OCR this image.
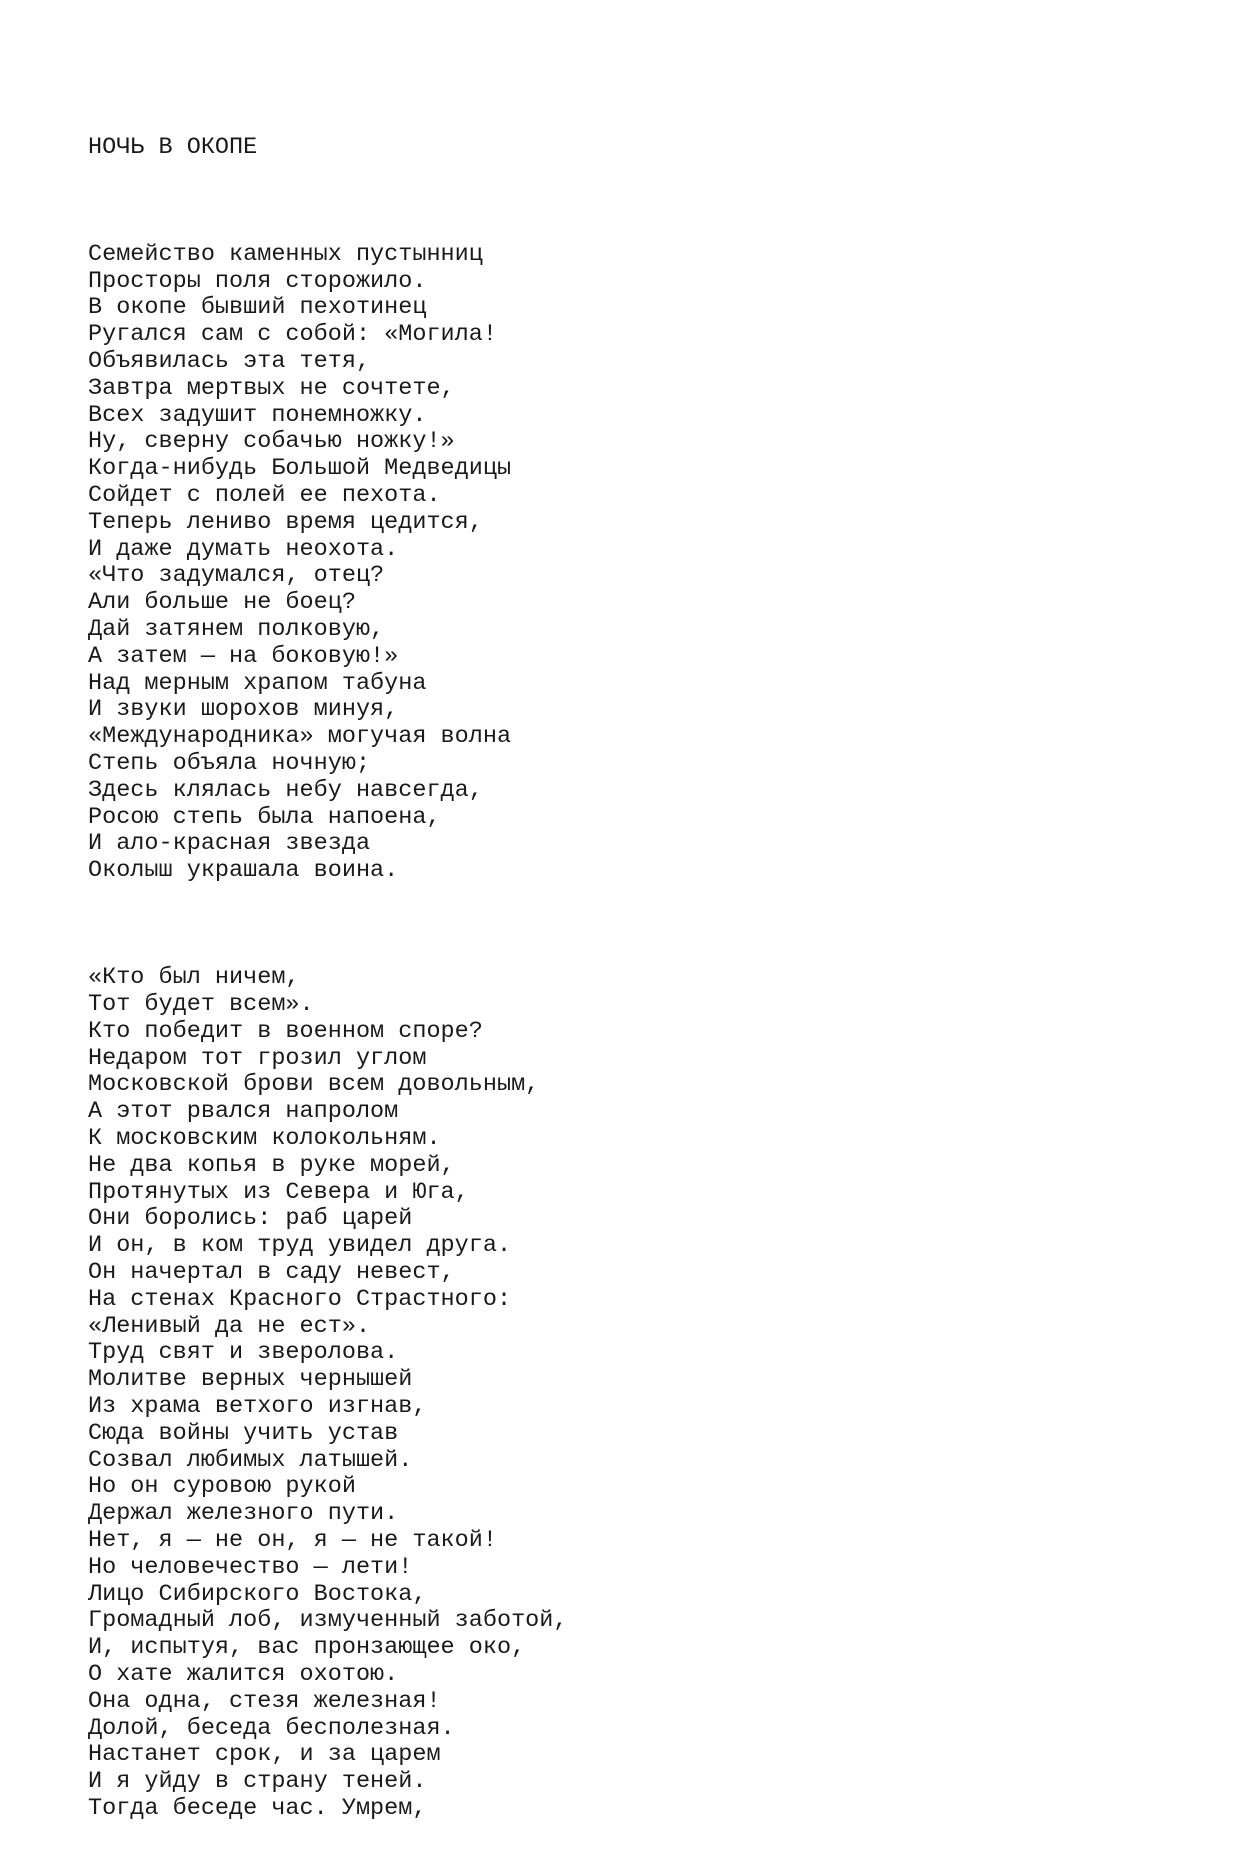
НОЧЬ В ОКОПЕ

Семейство каменных пустынниц
Просторы поля сторожило.
В окопе бывший пехотинец
Ругался сам с собой: «Могила!
Объявилась эта тетя,
Завтра мертвых не сочтете,
Всех задушит понемножку.
Ну, сверну собачью ножку!»
Когда-нибудь Большой Медведицы
Сойдет с полей ее пехота.
Теперь лениво время цедится,
И даже думать неохота.
«Что задумался, отец?
Али больше не боец?
Дай затянем полковую,
А затем — на боковую!»
Над мерным храпом табуна
И звуки шорохов минуя,
«Международника» могучая волна
Степь объяла ночную;
Здесь клялась небу навсегда,
Росою степь была напоена,
И ало-красная звезда
Околыш украшала воина.

«Кто был ничем,
Тот будет всем».
Кто победит в военном споре?
Недаром тот грозил углом
Московской брови всем довольным,
А этот рвался напролом
К московским колокольням.
Не два копья в руке морей,
Протянутых из Севера и Юга,
Они боролись: раб царей
И он, в ком труд увидел друга.
Он начертал в саду невест,
На стенах Красного Страстного:
«Ленивый да не ест».
Труд свят и зверолова.
Молитве верных чернышей
Из храма ветхого изгнав,
Сюда войны учить устав
Созвал любимых латышей.
Но он суровою рукой
Держал железного пути.
Нет, я — не он, я — не такой!
Но человечество — лети!
Лицо Сибирского Востока,
Громадный лоб, измученный заботой,
И, испытуя, вас пронзающее око,
О хате жалится охотою.
Она одна, стезя железная!
Долой, беседа бесполезная.
Настанет срок, и за царем
И я уйду в страну теней.
Тогда беседе час. Умрем,
